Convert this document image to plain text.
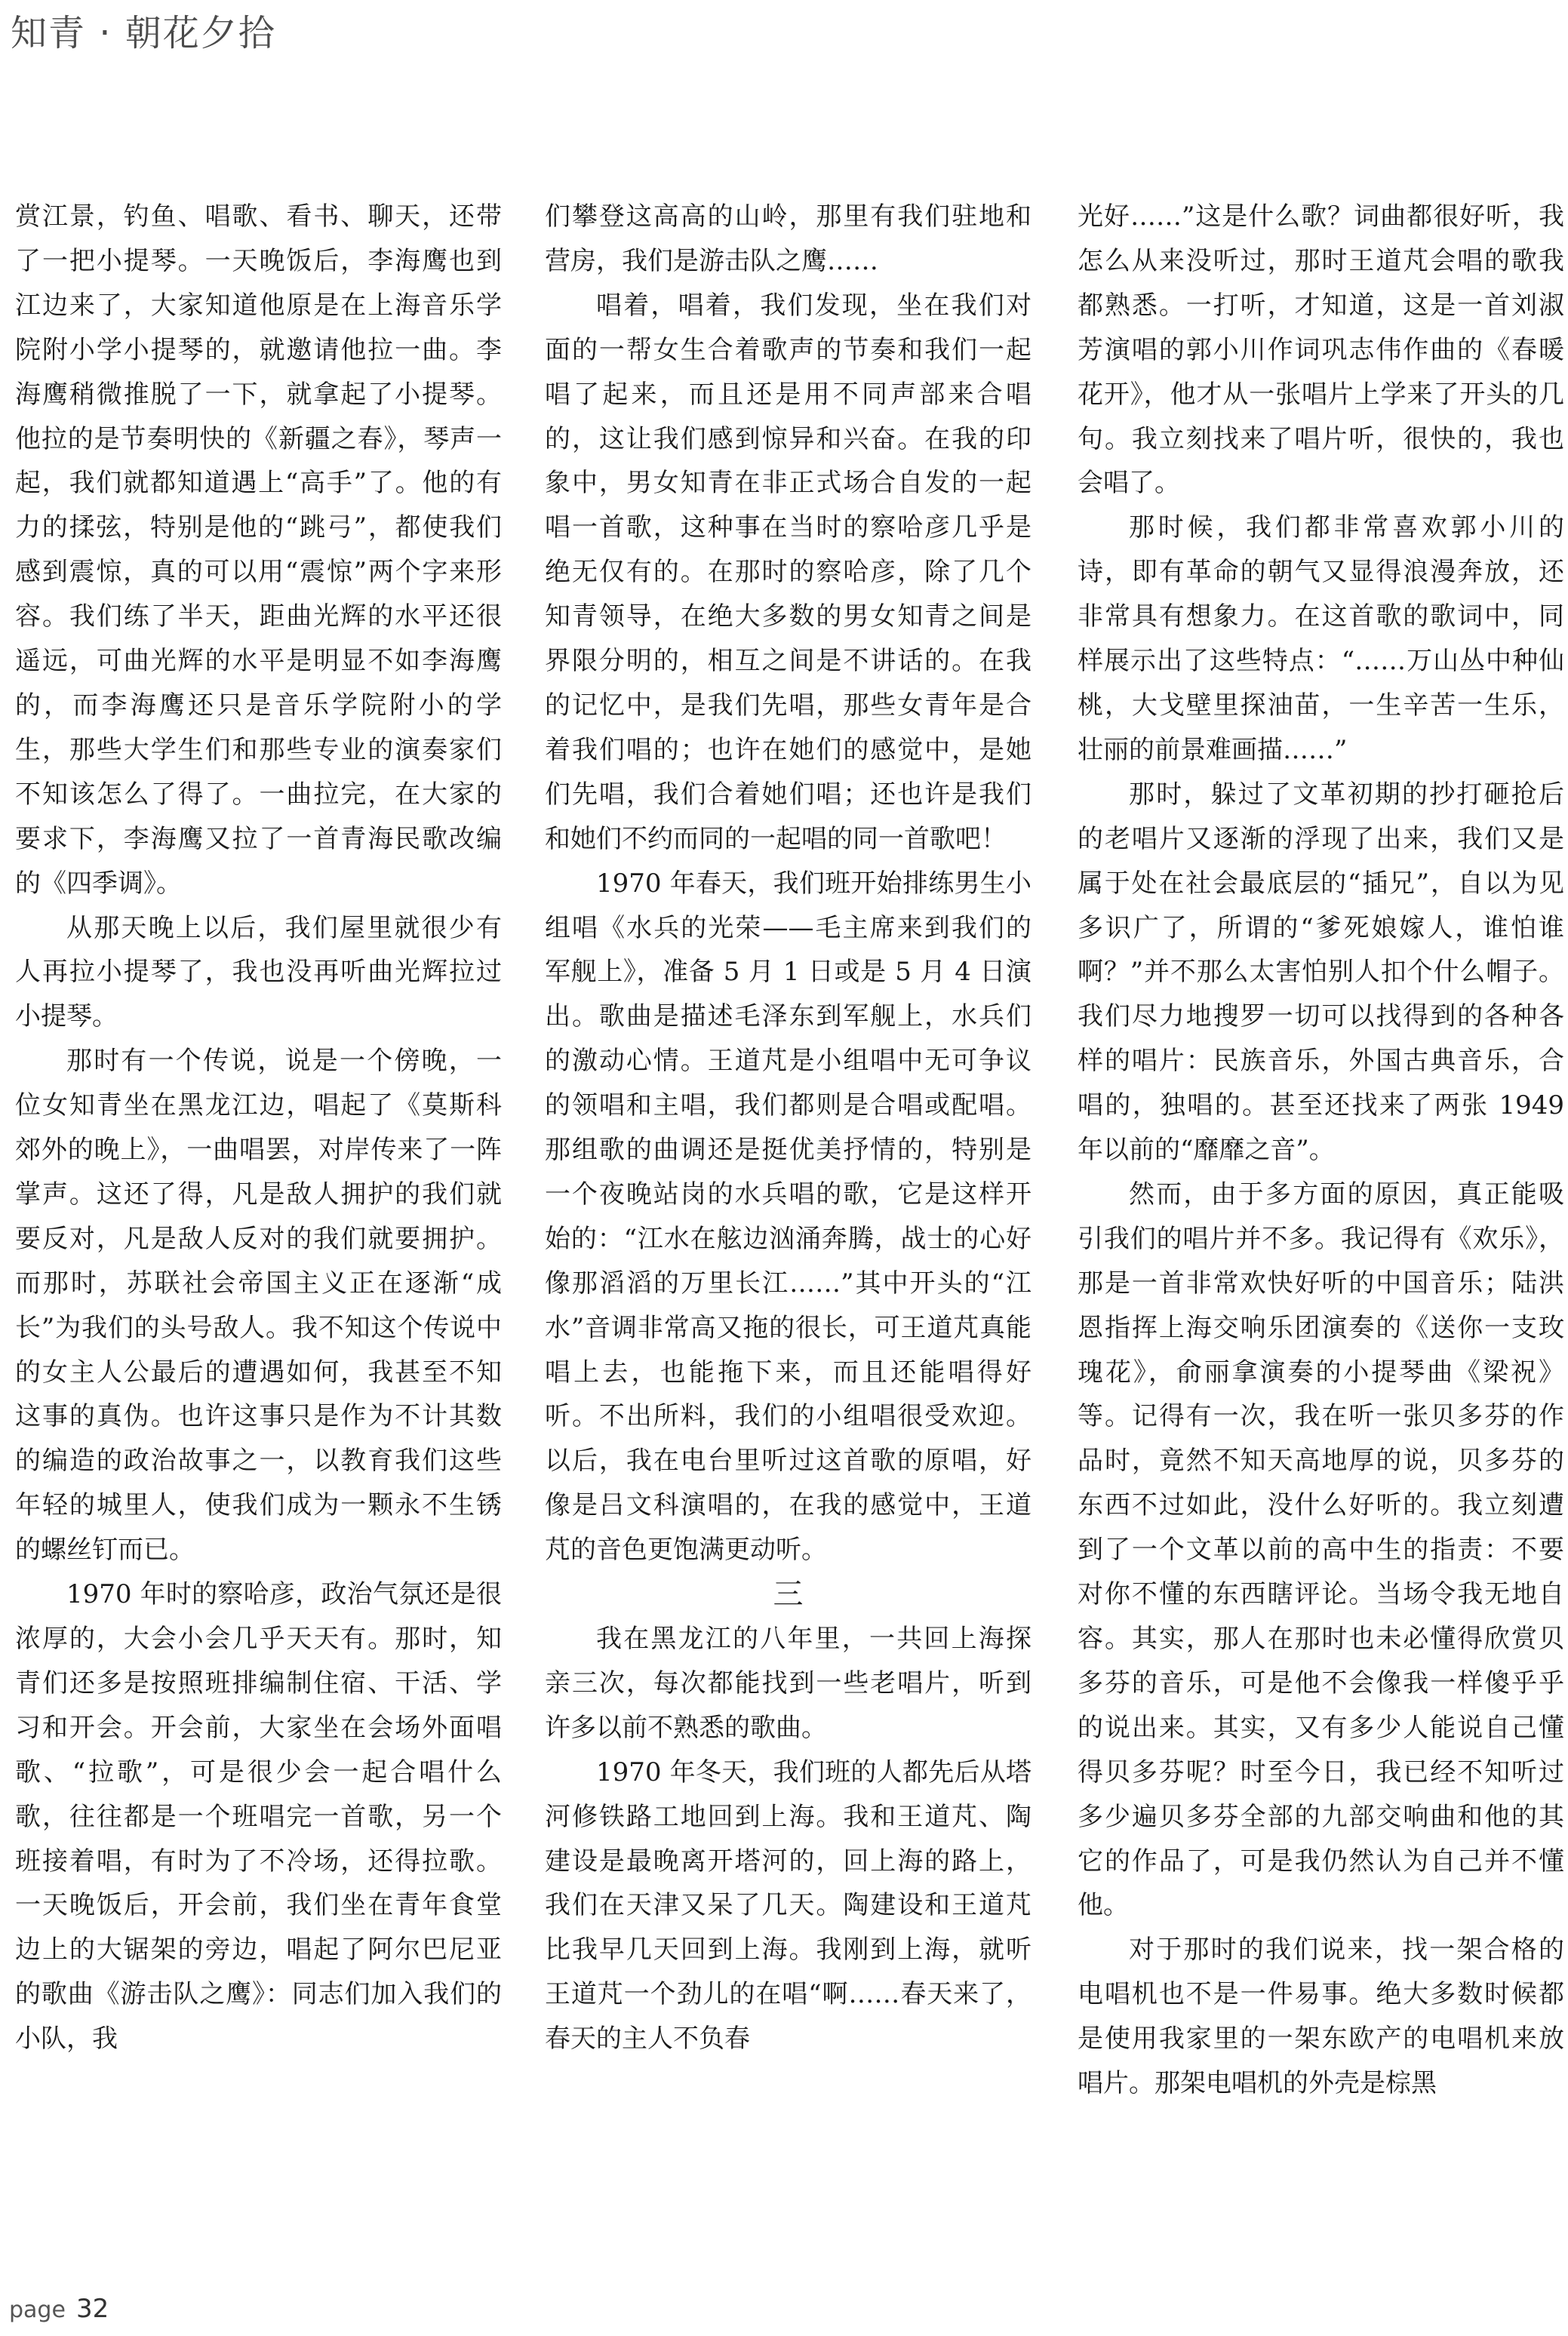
知青 · 朝花夕拾

赏江景，钓鱼、唱歌、看书、聊天，还带了一把小提琴。一天晚饭后，李海鹰也到江边来了，大家知道他原是在上海音乐学院附小学小提琴的，就邀请他拉一曲。李海鹰稍微推脱了一下，就拿起了小提琴。他拉的是节奏明快的《新疆之春》，琴声一起，我们就都知道遇上“高手”了。他的有力的揉弦，特别是他的“跳弓”，都使我们感到震惊，真的可以用“震惊”两个字来形容。我们练了半天，距曲光辉的水平还很遥远，可曲光辉的水平是明显不如李海鹰的，而李海鹰还只是音乐学院附小的学生，那些大学生们和那些专业的演奏家们不知该怎么了得了。一曲拉完，在大家的要求下，李海鹰又拉了一首青海民歌改编的《四季调》。

从那天晚上以后，我们屋里就很少有人再拉小提琴了，我也没再听曲光辉拉过小提琴。

那时有一个传说，说是一个傍晚，一位女知青坐在黑龙江边，唱起了《莫斯科郊外的晚上》，一曲唱罢，对岸传来了一阵掌声。这还了得，凡是敌人拥护的我们就要反对，凡是敌人反对的我们就要拥护。而那时，苏联社会帝国主义正在逐渐“成长”为我们的头号敌人。我不知这个传说中的女主人公最后的遭遇如何，我甚至不知这事的真伪。也许这事只是作为不计其数的编造的政治故事之一，以教育我们这些年轻的城里人，使我们成为一颗永不生锈的螺丝钉而已。

1970 年时的察哈彦，政治气氛还是很浓厚的，大会小会几乎天天有。那时，知青们还多是按照班排编制住宿、干活、学习和开会。开会前，大家坐在会场外面唱歌、“拉歌”，可是很少会一起合唱什么歌，往往都是一个班唱完一首歌，另一个班接着唱，有时为了不冷场，还得拉歌。一天晚饭后，开会前，我们坐在青年食堂边上的大锯架的旁边，唱起了阿尔巴尼亚的歌曲《游击队之鹰》：同志们加入我们的小队，我

们攀登这高高的山岭，那里有我们驻地和营房，我们是游击队之鹰……

唱着，唱着，我们发现，坐在我们对面的一帮女生合着歌声的节奏和我们一起唱了起来，而且还是用不同声部来合唱的，这让我们感到惊异和兴奋。在我的印象中，男女知青在非正式场合自发的一起唱一首歌，这种事在当时的察哈彦几乎是绝无仅有的。在那时的察哈彦，除了几个知青领导，在绝大多数的男女知青之间是界限分明的，相互之间是不讲话的。在我的记忆中，是我们先唱，那些女青年是合着我们唱的；也许在她们的感觉中，是她们先唱，我们合着她们唱；还也许是我们和她们不约而同的一起唱的同一首歌吧！

1970 年春天，我们班开始排练男生小组唱《水兵的光荣——毛主席来到我们的军舰上》，准备 5 月 1 日或是 5 月 4 日演出。歌曲是描述毛泽东到军舰上，水兵们的激动心情。王道芃是小组唱中无可争议的领唱和主唱，我们都则是合唱或配唱。那组歌的曲调还是挺优美抒情的，特别是一个夜晚站岗的水兵唱的歌，它是这样开始的：“江水在舷边汹涌奔腾，战士的心好像那滔滔的万里长江……”其中开头的“江水”音调非常高又拖的很长，可王道芃真能唱上去，也能拖下来，而且还能唱得好听。不出所料，我们的小组唱很受欢迎。以后，我在电台里听过这首歌的原唱，好像是吕文科演唱的，在我的感觉中，王道芃的音色更饱满更动听。

三

我在黑龙江的八年里，一共回上海探亲三次，每次都能找到一些老唱片，听到许多以前不熟悉的歌曲。

1970 年冬天，我们班的人都先后从塔河修铁路工地回到上海。我和王道芃、陶建设是最晚离开塔河的，回上海的路上，我们在天津又呆了几天。陶建设和王道芃比我早几天回到上海。我刚到上海，就听王道芃一个劲儿的在唱“啊……春天来了，春天的主人不负春

光好……”这是什么歌？词曲都很好听，我怎么从来没听过，那时王道芃会唱的歌我都熟悉。一打听，才知道，这是一首刘淑芳演唱的郭小川作词巩志伟作曲的《春暖花开》，他才从一张唱片上学来了开头的几句。我立刻找来了唱片听，很快的，我也会唱了。

那时候，我们都非常喜欢郭小川的诗，即有革命的朝气又显得浪漫奔放，还非常具有想象力。在这首歌的歌词中，同样展示出了这些特点：“……万山丛中种仙桃，大戈壁里探油苗，一生辛苦一生乐，壮丽的前景难画描……”

那时，躲过了文革初期的抄打砸抢后的老唱片又逐渐的浮现了出来，我们又是属于处在社会最底层的“插兄”，自以为见多识广了，所谓的“爹死娘嫁人，谁怕谁啊？”并不那么太害怕别人扣个什么帽子。我们尽力地搜罗一切可以找得到的各种各样的唱片：民族音乐，外国古典音乐，合唱的，独唱的。甚至还找来了两张 1949 年以前的“靡靡之音”。

然而，由于多方面的原因，真正能吸引我们的唱片并不多。我记得有《欢乐》，那是一首非常欢快好听的中国音乐；陆洪恩指挥上海交响乐团演奏的《送你一支玫瑰花》，俞丽拿演奏的小提琴曲《梁祝》等。记得有一次，我在听一张贝多芬的作品时，竟然不知天高地厚的说，贝多芬的东西不过如此，没什么好听的。我立刻遭到了一个文革以前的高中生的指责：不要对你不懂的东西瞎评论。当场令我无地自容。其实，那人在那时也未必懂得欣赏贝多芬的音乐，可是他不会像我一样傻乎乎的说出来。其实，又有多少人能说自己懂得贝多芬呢？时至今日，我已经不知听过多少遍贝多芬全部的九部交响曲和他的其它的作品了，可是我仍然认为自己并不懂他。

对于那时的我们说来，找一架合格的电唱机也不是一件易事。绝大多数时候都是使用我家里的一架东欧产的电唱机来放唱片。那架电唱机的外壳是棕黑

page 32
